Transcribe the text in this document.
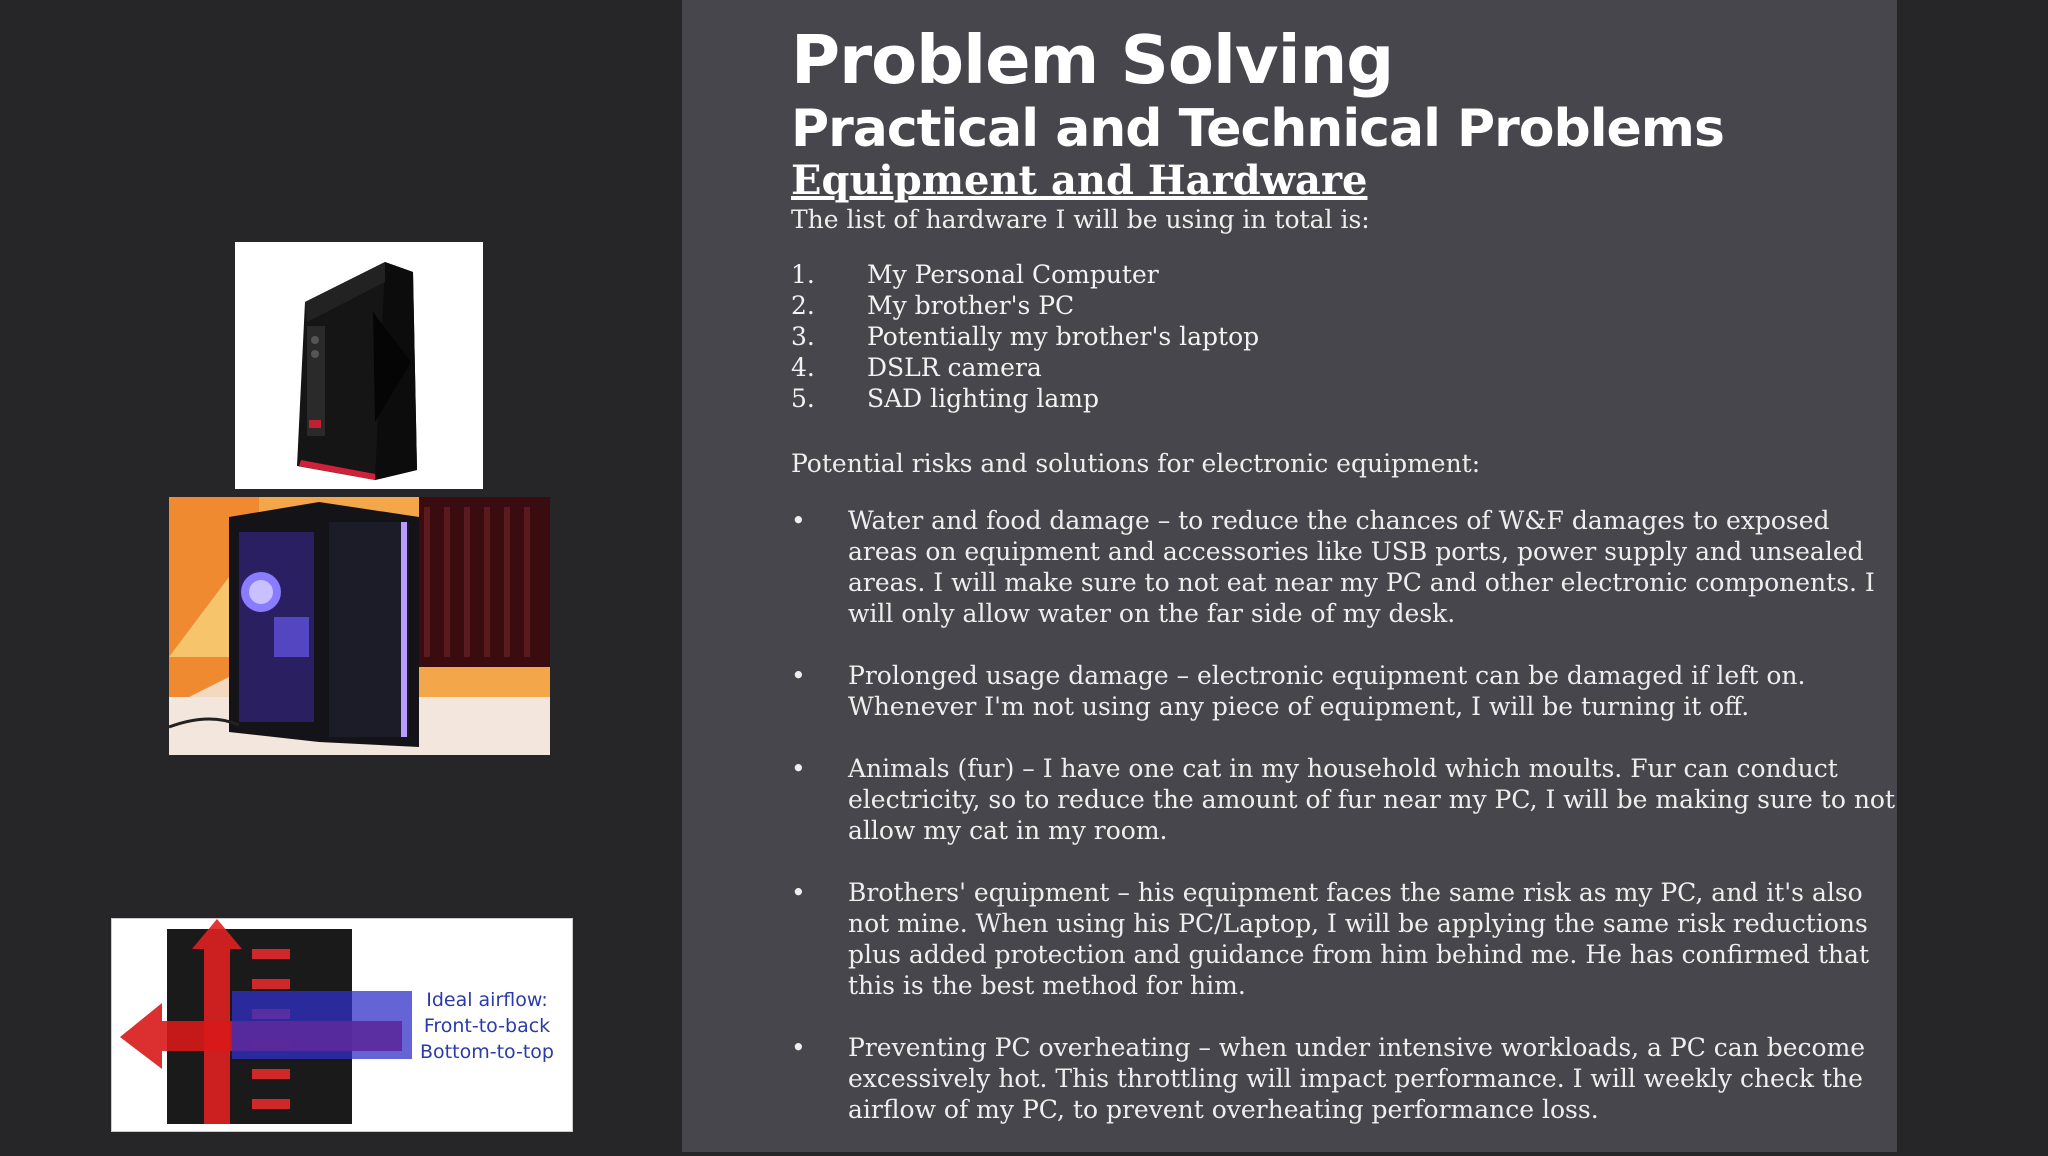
Ideal airflow:
Front-to-back
Bottom-to-top
Problem Solving
Practical and Technical Problems
Equipment and Hardware

The list of hardware I will be using in total is:

1.	My Personal Computer
2.	My brother's PC
3.	Potentially my brother's laptop
4.	DSLR camera
5.	SAD lighting lamp

Potential risks and solutions for electronic equipment:

•	Water and food damage – to reduce the chances of W&F damages to exposed areas on equipment and accessories like USB ports, power supply and unsealed areas. I will make sure to not eat near my PC and other electronic components. I will only allow water on the far side of my desk.
•	Prolonged usage damage – electronic equipment can be damaged if left on. Whenever I'm not using any piece of equipment, I will be turning it off.
•	Animals (fur) – I have one cat in my household which moults. Fur can conduct electricity, so to reduce the amount of fur near my PC, I will be making sure to not allow my cat in my room.
•	Brothers' equipment – his equipment faces the same risk as my PC, and it's also not mine. When using his PC/Laptop, I will be applying the same risk reductions plus added protection and guidance from him behind me. He has confirmed that this is the best method for him.
•	Preventing PC overheating – when under intensive workloads, a PC can become excessively hot. This throttling will impact performance. I will weekly check the airflow of my PC, to prevent overheating performance loss.
